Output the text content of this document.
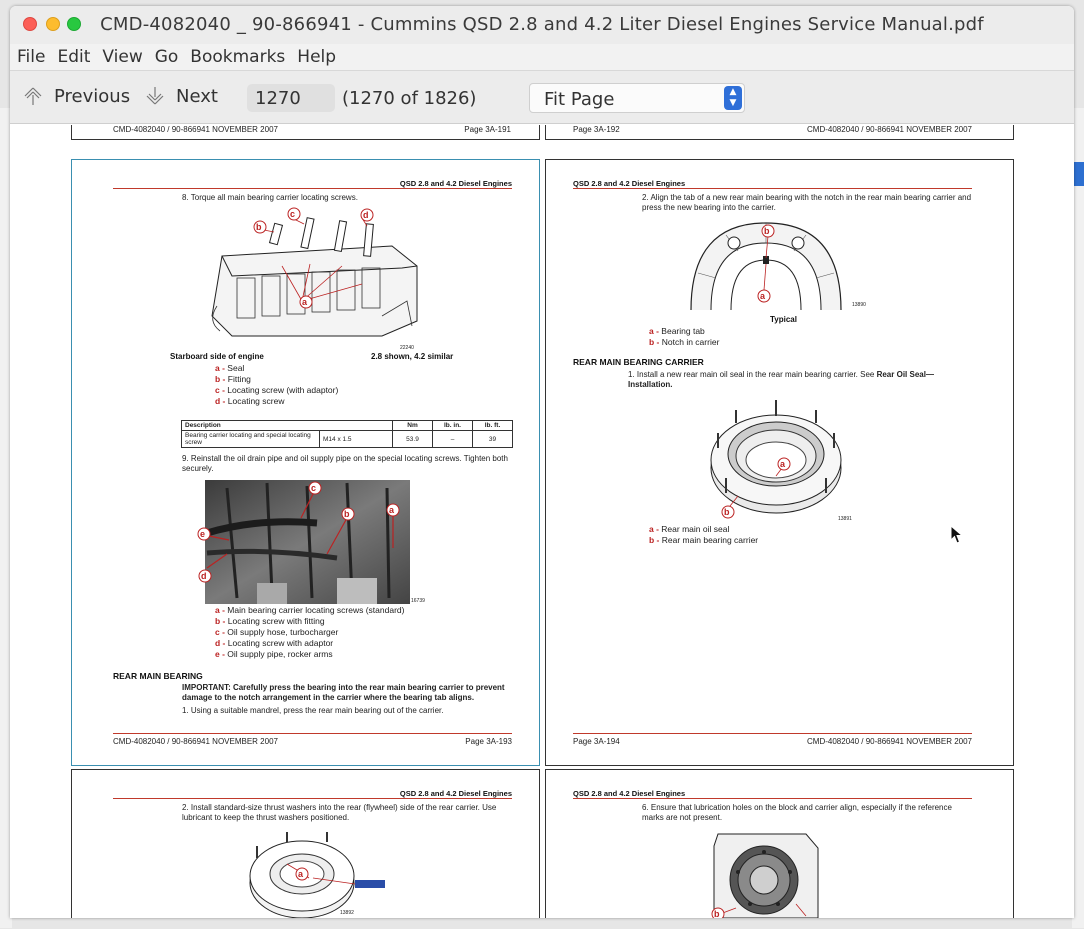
CMD-4082040 _ 90-866941 - Cummins QSD 2.8 and 4.2 Liter Diesel Engines Service Manual.pdf
File Edit View Go Bookmarks Help
Previous	Next
1270	(1270 of 1826)	Fit Page	▲
▼
CMD-4082040 / 90-866941 NOVEMBER 2007	Page 3A-191	Page 3A-192	CMD-4082040 / 90-866941 NOVEMBER 2007
QSD 2.8 and 4.2 Diesel Engines
8. Torque all main bearing carrier locating screws.
a
b
c	d
22240
Starboard side of engine	2.8 shown, 4.2 similar
a - Seal
b - Fitting
c - Locating screw (with adaptor)
d - Locating screw
Description		Nm	lb. in.	lb. ft.
Bearing carrier locating and special locating screw	M14 x 1.5	53.9	–	39
9. Reinstall the oil drain pipe and oil supply pipe on the special locating screws. Tighten both securely.
c
b	a
e
d
16739
a - Main bearing carrier locating screws (standard)
b - Locating screw with fitting
c - Oil supply hose, turbocharger
d - Locating screw with adaptor
e - Oil supply pipe, rocker arms
REAR MAIN BEARING
IMPORTANT: Carefully press the bearing into the rear main bearing carrier to prevent damage to the notch arrangement in the carrier where the bearing tab aligns.
1. Using a suitable mandrel, press the rear main bearing out of the carrier.
CMD-4082040 / 90-866941 NOVEMBER 2007	Page 3A-193
QSD 2.8 and 4.2 Diesel Engines
2. Align the tab of a new rear main bearing with the notch in the rear main bearing carrier and press the new bearing into the carrier.
b
a
13890
Typical
a - Bearing tab
b - Notch in carrier
REAR MAIN BEARING CARRIER
1. Install a new rear main oil seal in the rear main bearing carrier. See Rear Oil Seal—Installation.
a
b
13891
a - Rear main oil seal
b - Rear main bearing carrier
Page 3A-194	CMD-4082040 / 90-866941 NOVEMBER 2007
QSD 2.8 and 4.2 Diesel Engines
2. Install standard-size thrust washers into the rear (flywheel) side of the rear carrier. Use lubricant to keep the thrust washers positioned.
a
13892
QSD 2.8 and 4.2 Diesel Engines
6. Ensure that lubrication holes on the block and carrier align, especially if the reference marks are not present.
b
